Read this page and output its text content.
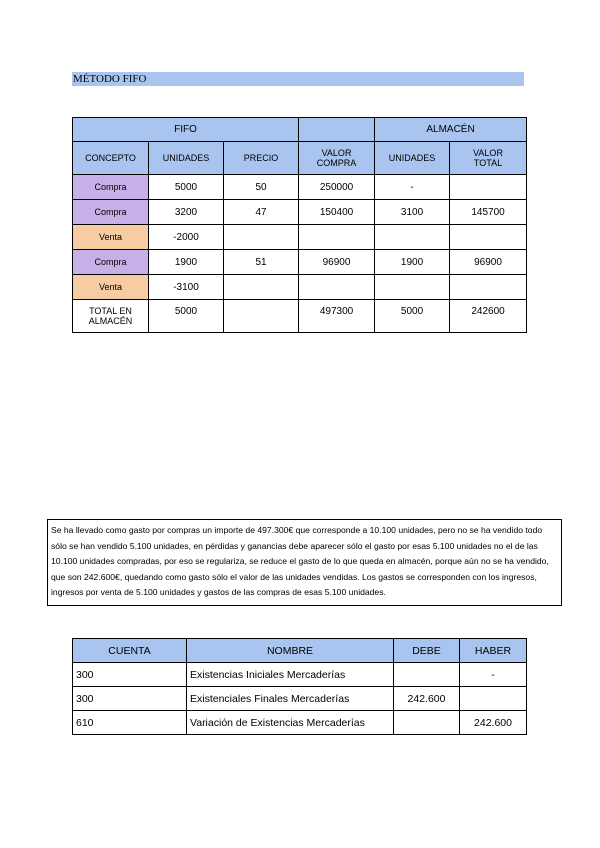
MÉTODO FIFO
FIFO				ALMACÉN	
CONCEPTO	UNIDADES	PRECIO	VALOR COMPRA	UNIDADES	VALOR TOTAL
Compra	5000	50	250000	-	
Compra	3200	47	150400	3100	145700
Venta	-2000				
Compra	1900	51	96900	1900	96900
Venta	-3100				
TOTAL EN ALMACÉN	5000		497300	5000	242600
Se ha llevado como gasto por compras un importe de 497.300€ que corresponde a 10.100 unidades, pero no se ha vendido todo sólo se han vendido 5.100 unidades, en pérdidas y ganancias debe aparecer sólo el gasto por esas 5.100 unidades no el de las 10.100 unidades compradas, por eso se regulariza, se reduce el gasto de lo que queda en almacén, porque aún no se ha vendido, que son 242.600€, quedando como gasto sólo el valor de las unidades vendidas. Los gastos se corresponden con los ingresos, ingresos por venta de 5.100 unidades y gastos de las compras de esas 5.100 unidades.
CUENTA	NOMBRE	DEBE	HABER
300	Existencias Iniciales Mercaderías		-
300	Existenciales Finales Mercaderías	242.600	
610	Variación de Existencias Mercaderías		242.600
